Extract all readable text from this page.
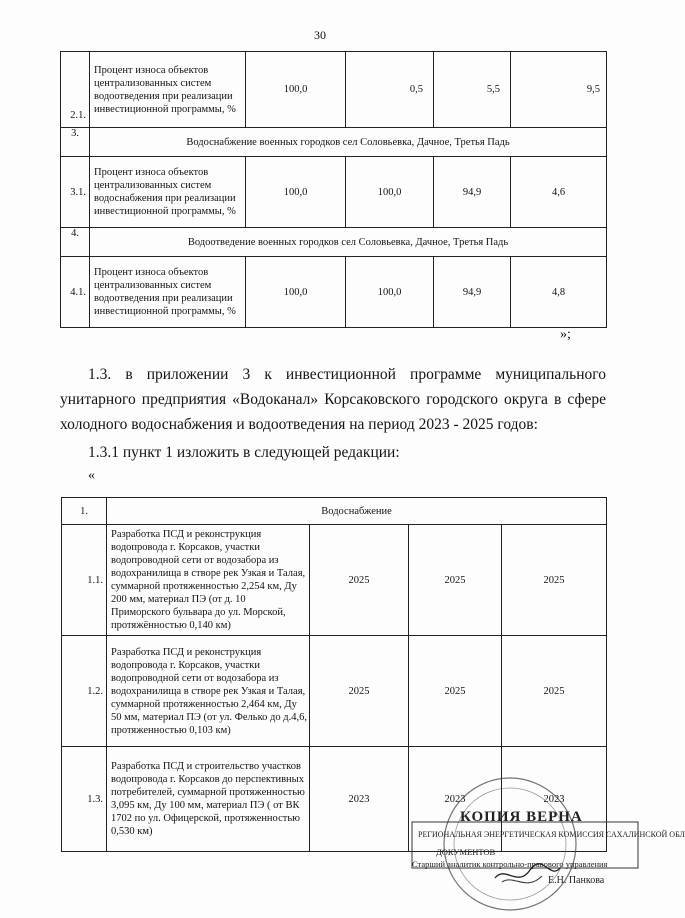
30
2.1.	Процент износа объектов централизованных систем водоотведения при реализации инвестиционной программы, %	100,0	0,5	5,5	9,5
3.	Водоснабжение военных городков сел Соловьевка, Дачное, Третья Падь				
3.1.	Процент износа объектов централизованных систем водоснабжения при реализации инвестиционной программы, %	100,0	100,0	94,9	4,6
4.	Водоотведение военных городков сел Соловьевка, Дачное, Третья Падь				
4.1.	Процент износа объектов централизованных систем водоотведения при реализации инвестиционной программы, %	100,0	100,0	94,9	4,8
»;
1.3. в приложении 3 к инвестиционной программе муниципального
унитарного предприятия «Водоканал» Корсаковского городского округа в сфере
холодного водоснабжения и водоотведения на период 2023 - 2025 годов:
1.3.1 пункт 1 изложить в следующей редакции:
«
1.	Водоснабжение			
1.1.	Разработка ПСД и реконструкция водопровода г. Корсаков, участки водопроводной сети от водозабора из водохранилища в створе рек Узкая и Талая, суммарной протяженностью 2,254 км, Ду 200 мм, материал ПЭ (от д. 10 Приморского бульвара до ул. Морской, протяжённостью 0,140 км)	2025	2025	2025
1.2.	Разработка ПСД и реконструкция водопровода г. Корсаков, участки водопроводной сети от водозабора из водохранилища в створе рек Узкая и Талая, суммарной протяженностью 2,464 км, Ду 50 мм, материал ПЭ (от ул. Фелько до д.4,6, протяженностью 0,103 км)	2025	2025	2025
1.3.	Разработка ПСД и строительство участков водопровода г. Корсаков до перспективных потребителей, суммарной протяженностью 3,095 км, Ду 100 мм, материал ПЭ ( от ВК 1702 по ул. Офицерской, протяженностью 0,530 км)	2023	2023	2023
КОПИЯ ВЕРНА
РЕГИОНАЛЬНАЯ ЭНЕРГЕТИЧЕСКАЯ КОМИССИЯ САХАЛИНСКОЙ ОБЛ
ДОКУМЕНТОВ
Старший аналитик контрольно-правового управления
Е.Н. Панкова
